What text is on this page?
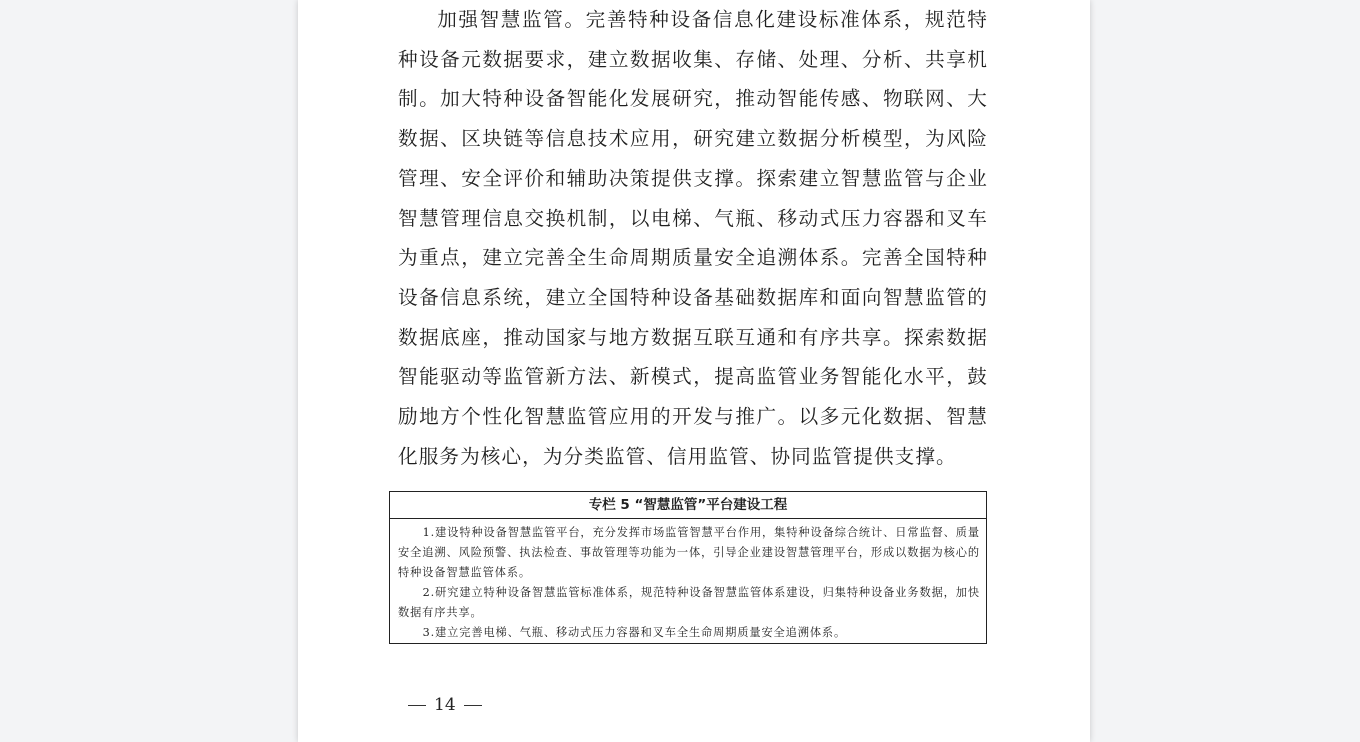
加强智慧监管。完善特种设备信息化建设标准体系，规范特种设备元数据要求，建立数据收集、存储、处理、分析、共享机制。加大特种设备智能化发展研究，推动智能传感、物联网、大数据、区块链等信息技术应用，研究建立数据分析模型，为风险管理、安全评价和辅助决策提供支撑。探索建立智慧监管与企业智慧管理信息交换机制，以电梯、气瓶、移动式压力容器和叉车为重点，建立完善全生命周期质量安全追溯体系。完善全国特种设备信息系统，建立全国特种设备基础数据库和面向智慧监管的数据底座，推动国家与地方数据互联互通和有序共享。探索数据智能驱动等监管新方法、新模式，提高监管业务智能化水平，鼓励地方个性化智慧监管应用的开发与推广。以多元化数据、智慧化服务为核心，为分类监管、信用监管、协同监管提供支撑。

专栏 5 “智慧监管”平台建设工程

1.建设特种设备智慧监管平台，充分发挥市场监管智慧平台作用，集特种设备综合统计、日常监督、质量安全追溯、风险预警、执法检查、事故管理等功能为一体，引导企业建设智慧管理平台，形成以数据为核心的特种设备智慧监管体系。

2.研究建立特种设备智慧监管标准体系，规范特种设备智慧监管体系建设，归集特种设备业务数据，加快数据有序共享。

3.建立完善电梯、气瓶、移动式压力容器和叉车全生命周期质量安全追溯体系。

14
